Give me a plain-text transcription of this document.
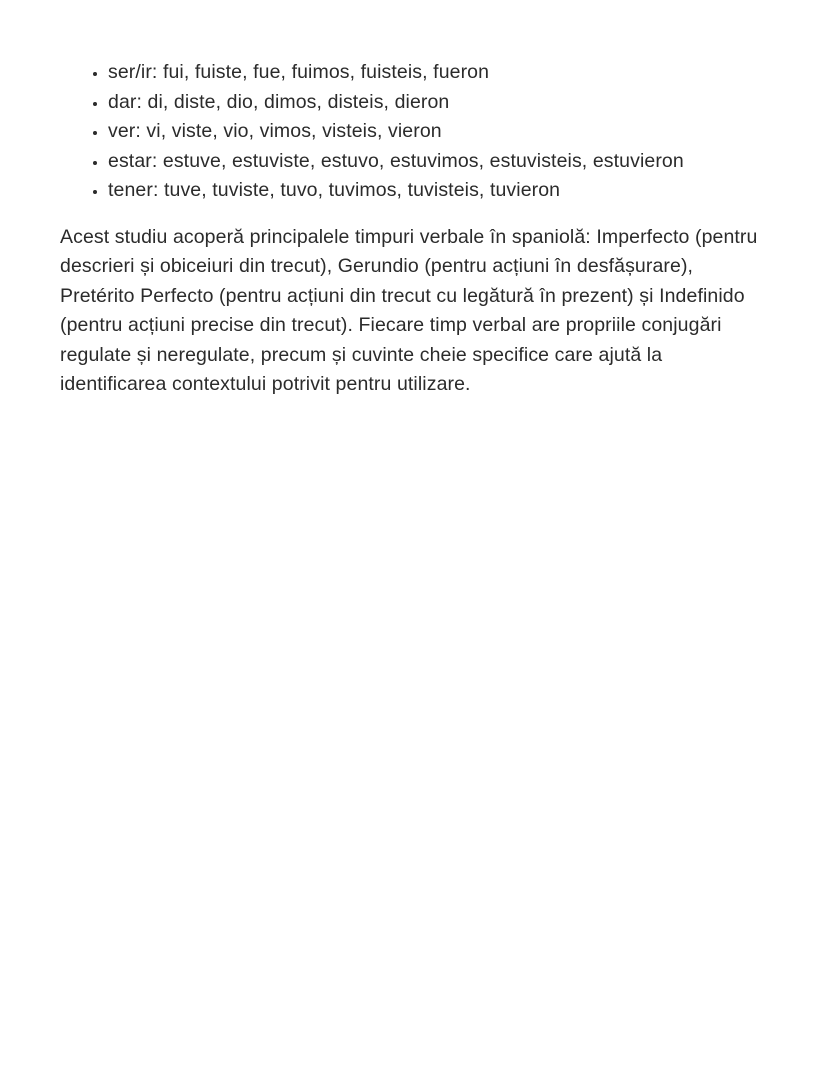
• ser/ir: fui, fuiste, fue, fuimos, fuisteis, fueron
• dar: di, diste, dio, dimos, disteis, dieron
• ver: vi, viste, vio, vimos, visteis, vieron
• estar: estuve, estuviste, estuvo, estuvimos, estuvisteis, estuvieron
• tener: tuve, tuviste, tuvo, tuvimos, tuvisteis, tuvieron

Acest studiu acoperă principalele timpuri verbale în spaniolă: Imperfecto (pentru descrieri și obiceiuri din trecut), Gerundio (pentru acțiuni în desfășurare), Pretérito Perfecto (pentru acțiuni din trecut cu legătură în prezent) și Indefinido (pentru acțiuni precise din trecut). Fiecare timp verbal are propriile conjugări regulate și neregulate, precum și cuvinte cheie specifice care ajută la identificarea contextului potrivit pentru utilizare.
